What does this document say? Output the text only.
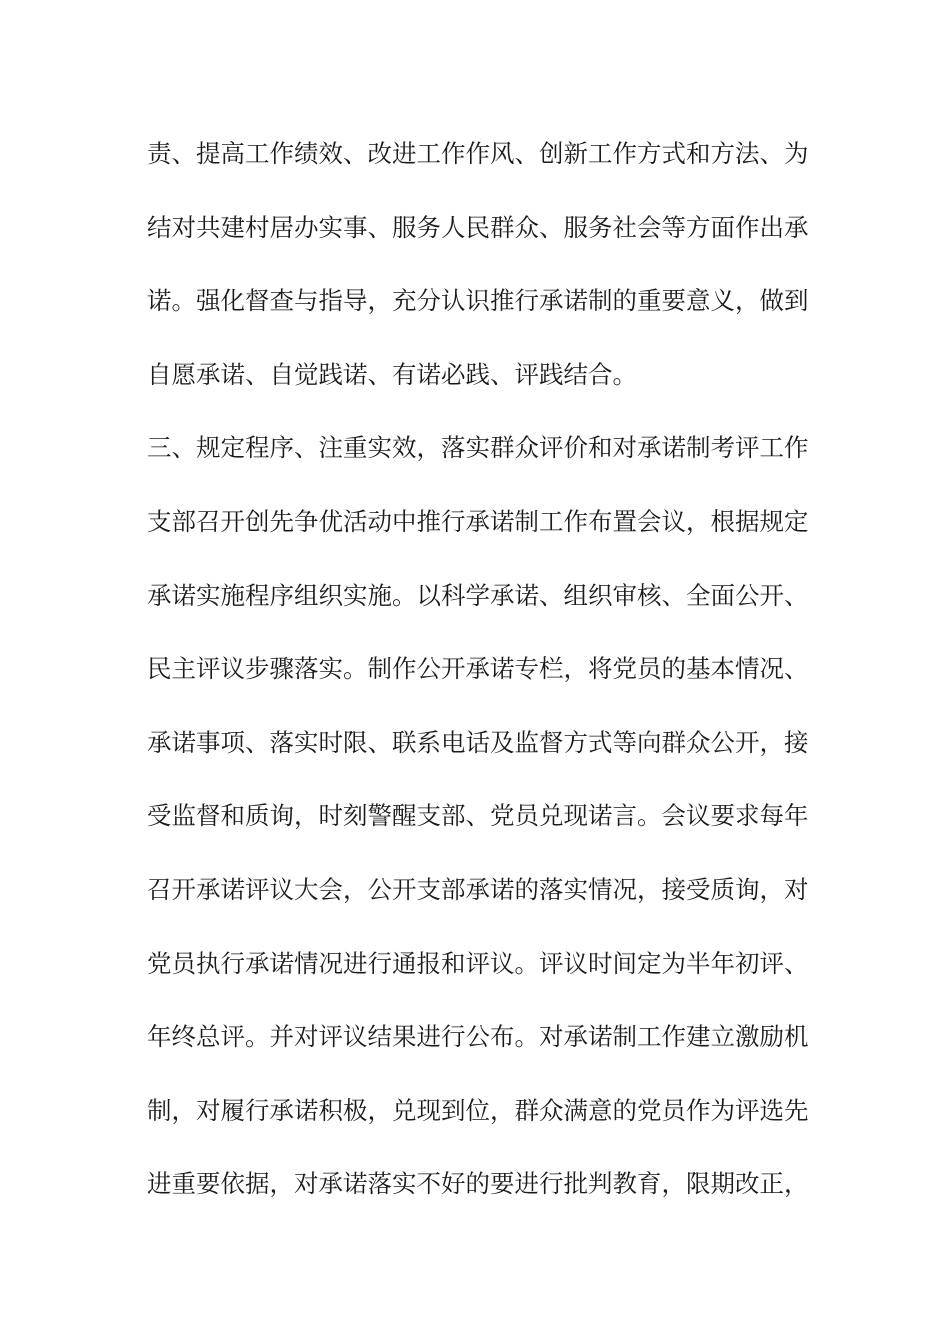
责、提高工作绩效、改进工作作风、创新工作方式和方法、为
结对共建村居办实事、服务人民群众、服务社会等方面作出承
诺。强化督查与指导，充分认识推行承诺制的重要意义，做到
自愿承诺、自觉践诺、有诺必践、评践结合。
三、规定程序、注重实效，落实群众评价和对承诺制考评工作
支部召开创先争优活动中推行承诺制工作布置会议，根据规定
承诺实施程序组织实施。以科学承诺、组织审核、全面公开、
民主评议步骤落实。制作公开承诺专栏，将党员的基本情况、
承诺事项、落实时限、联系电话及监督方式等向群众公开，接
受监督和质询，时刻警醒支部、党员兑现诺言。会议要求每年
召开承诺评议大会，公开支部承诺的落实情况，接受质询，对
党员执行承诺情况进行通报和评议。评议时间定为半年初评、
年终总评。并对评议结果进行公布。对承诺制工作建立激励机
制，对履行承诺积极，兑现到位，群众满意的党员作为评选先
进重要依据，对承诺落实不好的要进行批判教育，限期改正，
